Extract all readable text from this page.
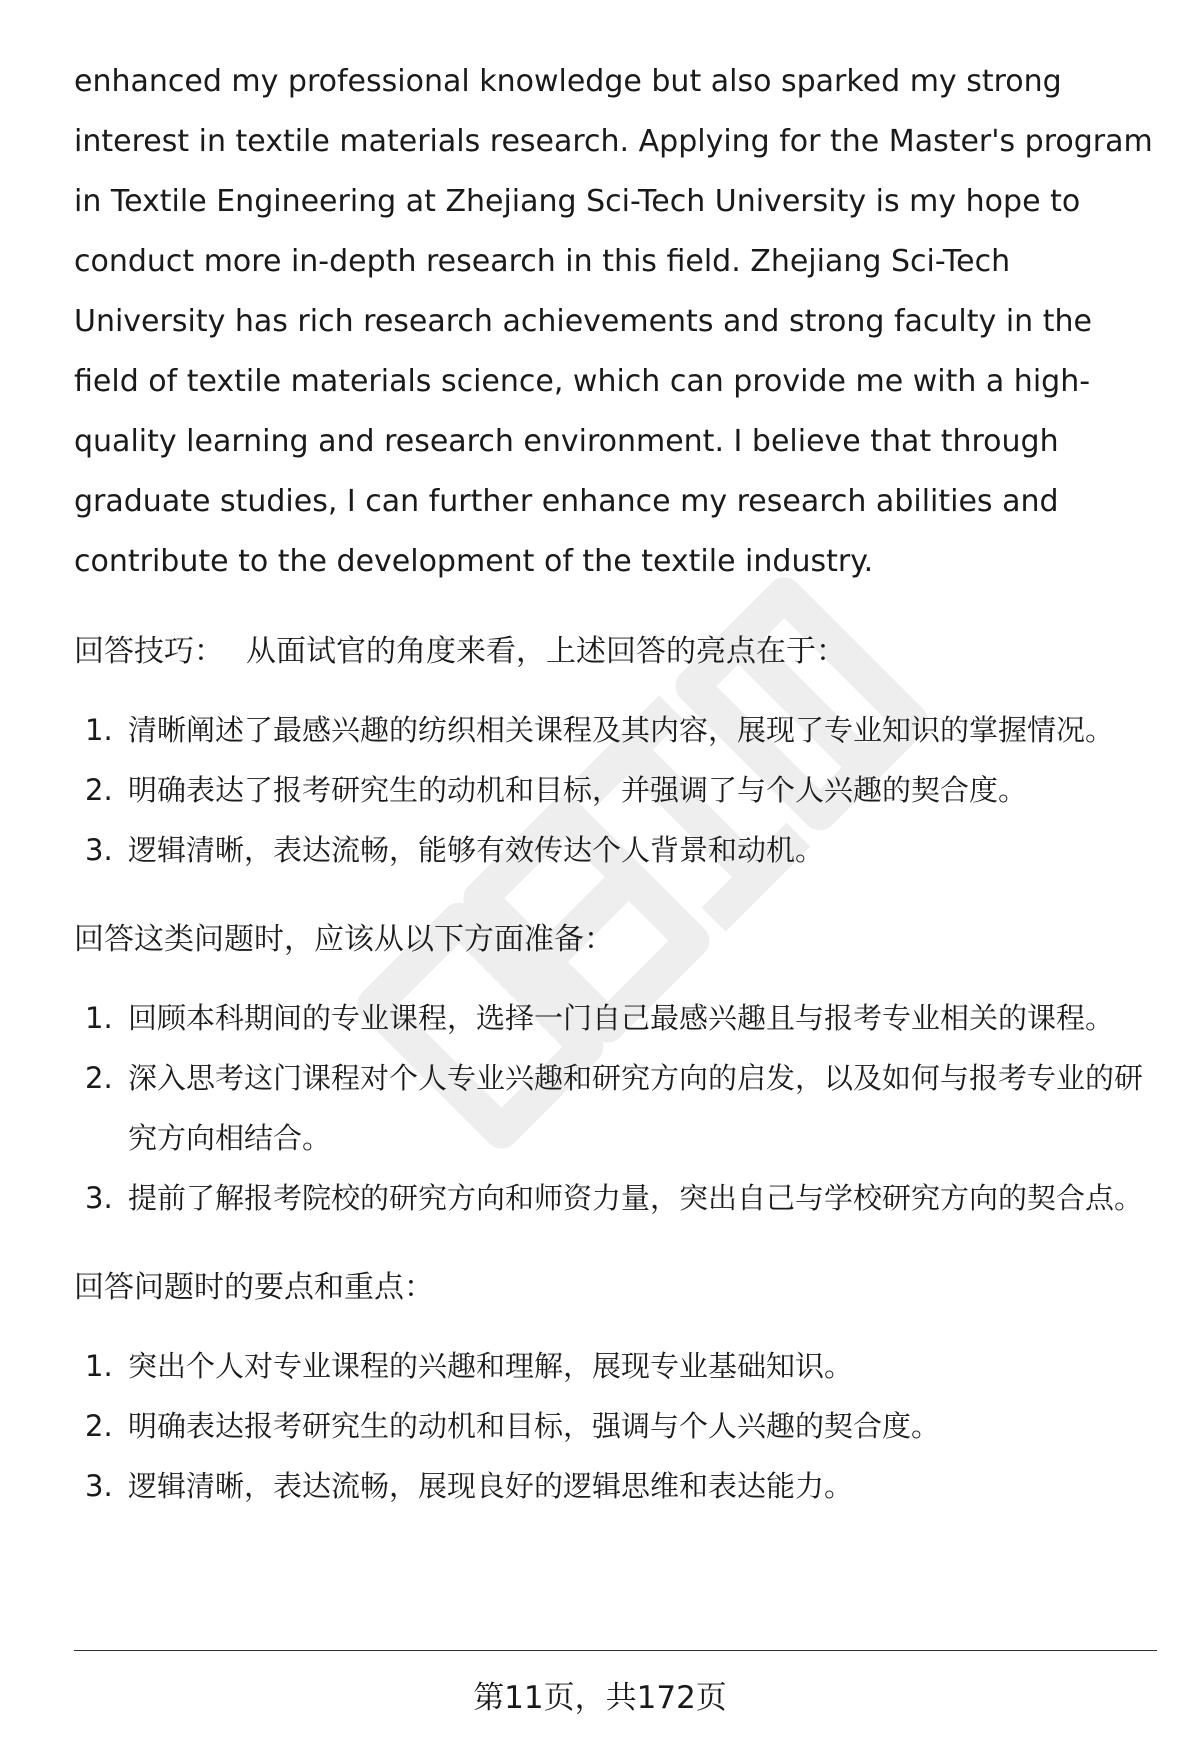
enhanced my professional knowledge but also sparked my strong interest in textile materials research. Applying for the Master's program in Textile Engineering at Zhejiang Sci-Tech University is my hope to conduct more in-depth research in this field. Zhejiang Sci-Tech University has rich research achievements and strong faculty in the field of textile materials science, which can provide me with a high-quality learning and research environment. I believe that through graduate studies, I can further enhance my research abilities and contribute to the development of the textile industry.

回答技巧： 从面试官的角度来看，上述回答的亮点在于：
1. 清晰阐述了最感兴趣的纺织相关课程及其内容，展现了专业知识的掌握情况。
2. 明确表达了报考研究生的动机和目标，并强调了与个人兴趣的契合度。
3. 逻辑清晰，表达流畅，能够有效传达个人背景和动机。
回答这类问题时，应该从以下方面准备：
1. 回顾本科期间的专业课程，选择一门自己最感兴趣且与报考专业相关的课程。
2. 深入思考这门课程对个人专业兴趣和研究方向的启发，以及如何与报考专业的研究方向相结合。
3. 提前了解报考院校的研究方向和师资力量，突出自己与学校研究方向的契合点。
回答问题时的要点和重点：
1. 突出个人对专业课程的兴趣和理解，展现专业基础知识。
2. 明确表达报考研究生的动机和目标，强调与个人兴趣的契合度。
3. 逻辑清晰，表达流畅，展现良好的逻辑思维和表达能力。
第11页，共172页
